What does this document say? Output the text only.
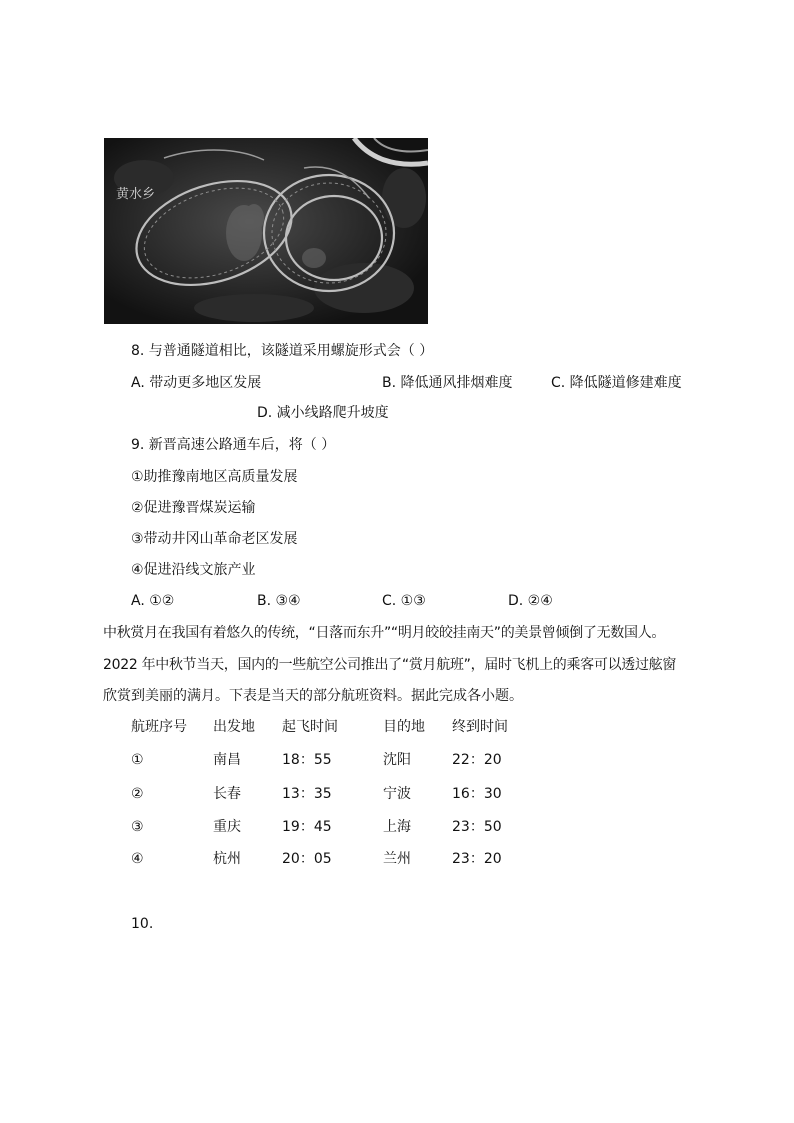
黄水乡
8. 与普通隧道相比，该隧道采用螺旋形式会（ ）
A. 带动更多地区发展	B. 降低通风排烟难度	C. 降低隧道修建难度
D. 减小线路爬升坡度
9. 新晋高速公路通车后，将（ ）
①助推豫南地区高质量发展
②促进豫晋煤炭运输
③带动井冈山革命老区发展
④促进沿线文旅产业
A. ①②	B. ③④	C. ①③	D. ②④
中秋赏月在我国有着悠久的传统，“日落而东升”“明月皎皎挂南天”的美景曾倾倒了无数国人。
2022 年中秋节当天，国内的一些航空公司推出了“赏月航班”，届时飞机上的乘客可以透过舷窗
欣赏到美丽的满月。下表是当天的部分航班资料。据此完成各小题。
航班序号 出发地 起飞时间	目的地 终到时间
①	南昌	18：55	沈阳	22：20
②	长春	13：35	宁波	16：30
③	重庆	19：45	上海	23：50
④	杭州	20：05	兰州	23：20
10.
